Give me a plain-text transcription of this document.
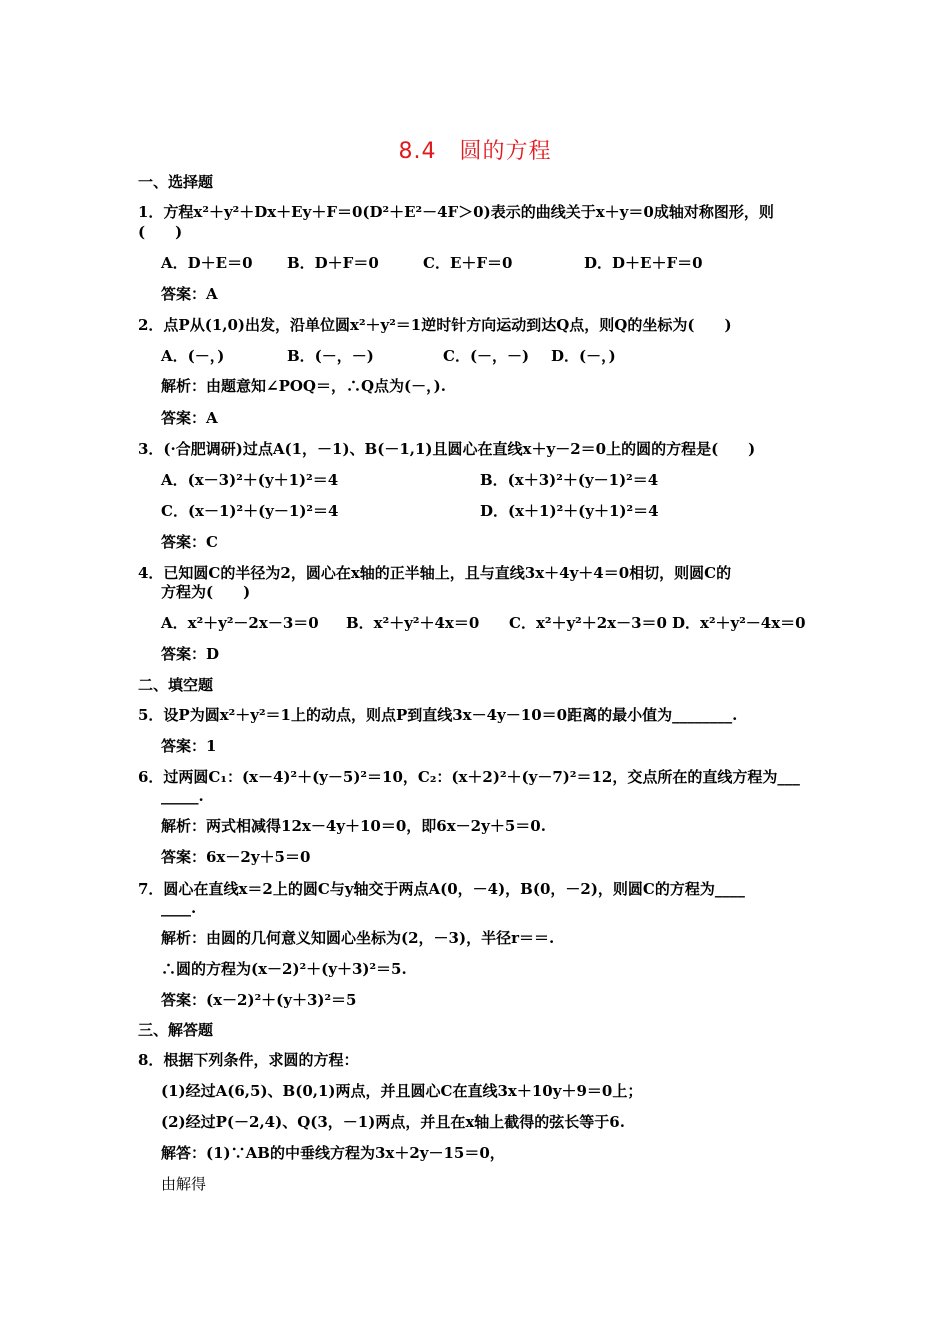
8.4　圆的方程
一、选择题
1．方程x²＋y²＋Dx＋Ey＋F＝0(D²＋E²－4F＞0)表示的曲线关于x＋y＝0成轴对称图形，则
(　　)
A．D＋E＝0 B．D＋F＝0	C．E＋F＝0	D．D＋E＋F＝0
答案：A
2．点P从(1,0)出发，沿单位圆x²＋y²＝1逆时针方向运动到达Q点，则Q的坐标为(　　)
A．(－，)	B．(－，－)	C．(－，－) D．(－，)
解析：由题意知∠POQ＝，∴Q点为(－，).
答案：A
3．(·合肥调研)过点A(1，－1)、B(－1,1)且圆心在直线x＋y－2＝0上的圆的方程是(　　)
A．(x－3)²＋(y＋1)²＝4	B．(x＋3)²＋(y－1)²＝4
C．(x－1)²＋(y－1)²＝4	D．(x＋1)²＋(y＋1)²＝4
答案：C
4．已知圆C的半径为2，圆心在x轴的正半轴上，且与直线3x＋4y＋4＝0相切，则圆C的
方程为(　　)
A．x²＋y²－2x－3＝0 B．x²＋y²＋4x＝0 C．x²＋y²＋2x－3＝0 D．x²＋y²－4x＝0
答案：D
二、填空题
5．设P为圆x²＋y²＝1上的动点，则点P到直线3x－4y－10＝0距离的最小值为________.
答案：1
6．过两圆C₁：(x－4)²＋(y－5)²＝10，C₂：(x＋2)²＋(y－7)²＝12，交点所在的直线方程为___
_____.
解析：两式相减得12x－4y＋10＝0，即6x－2y＋5＝0.
答案：6x－2y＋5＝0
7．圆心在直线x＝2上的圆C与y轴交于两点A(0，－4)，B(0，－2)，则圆C的方程为____
____.
解析：由圆的几何意义知圆心坐标为(2，－3)，半径r＝＝.
∴圆的方程为(x－2)²＋(y＋3)²＝5.
答案：(x－2)²＋(y＋3)²＝5
三、解答题
8．根据下列条件，求圆的方程：
(1)经过A(6,5)、B(0,1)两点，并且圆心C在直线3x＋10y＋9＝0上；
(2)经过P(－2,4)、Q(3，－1)两点，并且在x轴上截得的弦长等于6.
解答：(1)∵AB的中垂线方程为3x＋2y－15＝0，
由解得
